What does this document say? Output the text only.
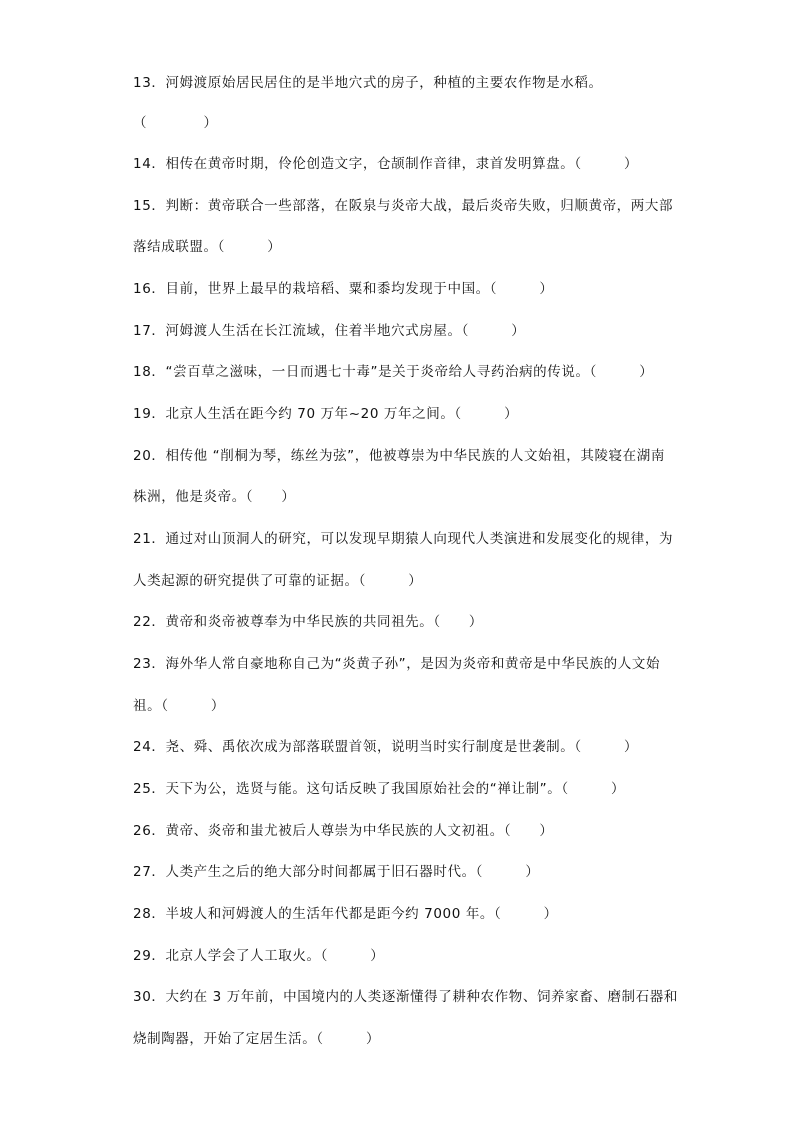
13．河姆渡原始居民居住的是半地穴式的房子，种植的主要农作物是水稻。
（　　　　）
14．相传在黄帝时期，伶伦创造文字，仓颉制作音律，隶首发明算盘。（　　　）
15．判断：黄帝联合一些部落，在阪泉与炎帝大战，最后炎帝失败，归顺黄帝，两大部
落结成联盟。（　　　）
16．目前，世界上最早的栽培稻、粟和黍均发现于中国。（　　　）
17．河姆渡人生活在长江流域，住着半地穴式房屋。（　　　）
18．“尝百草之滋味，一日而遇七十毒”是关于炎帝给人寻药治病的传说。（　　　）
19．北京人生活在距今约 70 万年~20 万年之间。（　　　）
20．相传他 “削桐为琴，练丝为弦”，他被尊崇为中华民族的人文始祖，其陵寝在湖南
株洲，他是炎帝。（　　）
21．通过对山顶洞人的研究，可以发现早期猿人向现代人类演进和发展变化的规律，为
人类起源的研究提供了可靠的证据。（　　　）
22．黄帝和炎帝被尊奉为中华民族的共同祖先。（　　）
23．海外华人常自豪地称自己为“炎黄子孙”，是因为炎帝和黄帝是中华民族的人文始
祖。（　　　）
24．尧、舜、禹依次成为部落联盟首领，说明当时实行制度是世袭制。（　　　）
25．天下为公，选贤与能。这句话反映了我国原始社会的“禅让制”。（　　　）
26．黄帝、炎帝和蚩尤被后人尊崇为中华民族的人文初祖。（　　）
27．人类产生之后的绝大部分时间都属于旧石器时代。（　　　）
28．半坡人和河姆渡人的生活年代都是距今约 7000 年。（　　　）
29．北京人学会了人工取火。（　　　）
30．大约在 3 万年前，中国境内的人类逐渐懂得了耕种农作物、饲养家畜、磨制石器和
烧制陶器，开始了定居生活。（　　　）
